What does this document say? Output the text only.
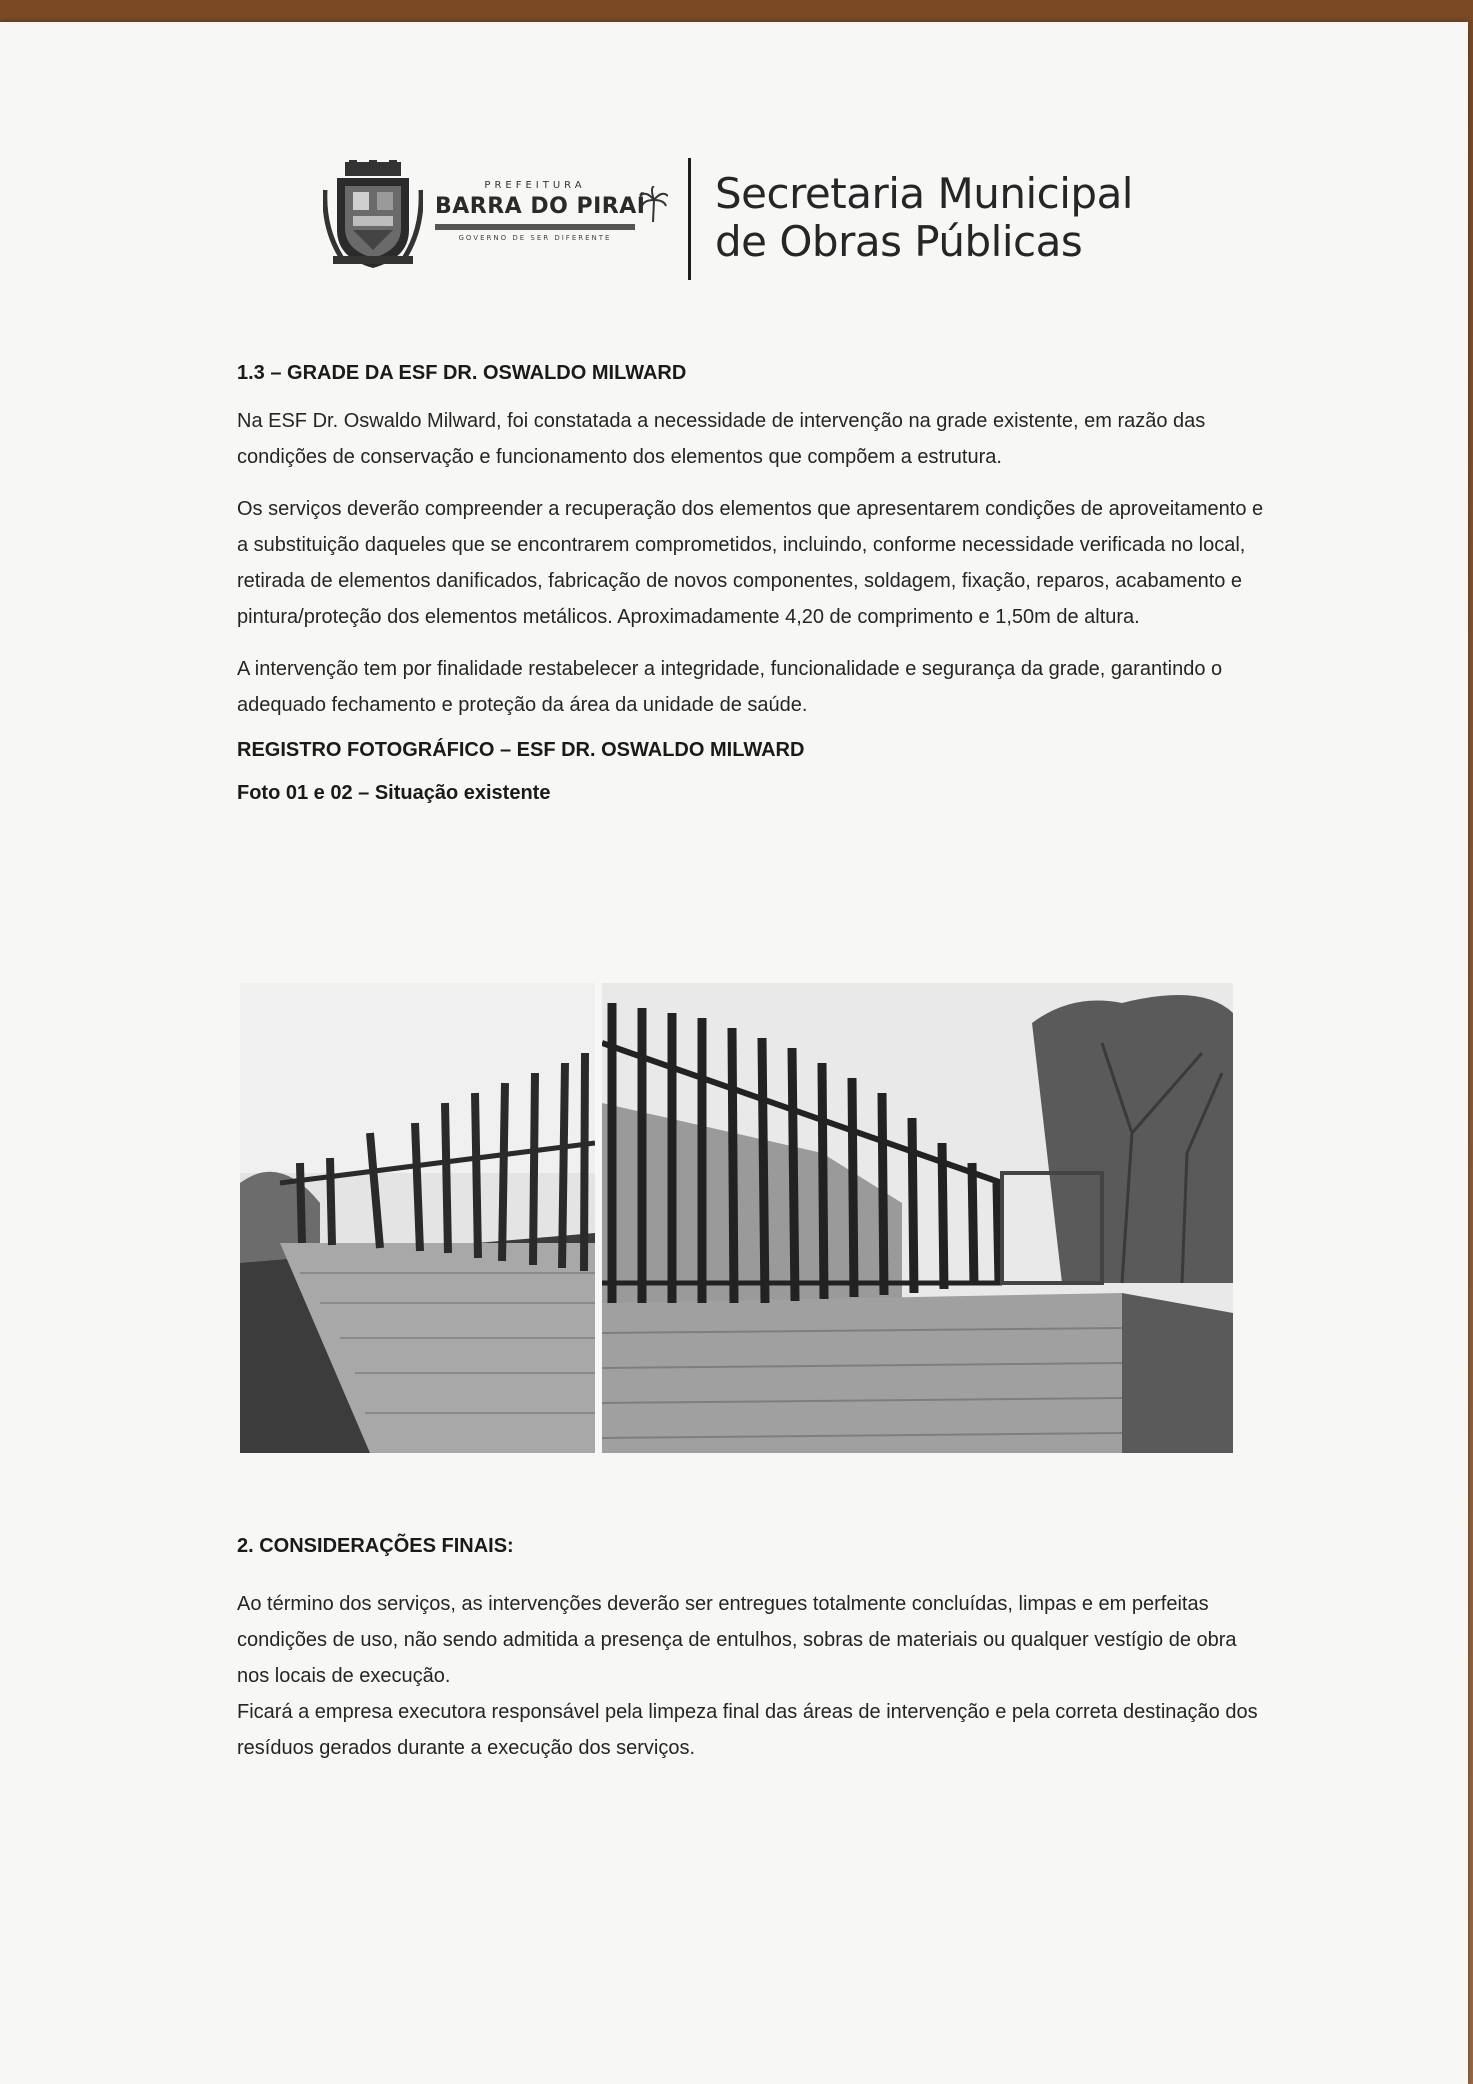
PREFEITURA
BARRA DO PIRAÍ
GOVERNO DE SER DIFERENTE
Secretaria Municipal
de Obras Públicas

1.3 – GRADE DA ESF DR. OSWALDO MILWARD

Na ESF Dr. Oswaldo Milward, foi constatada a necessidade de intervenção na grade existente, em razão das condições de conservação e funcionamento dos elementos que compõem a estrutura.

Os serviços deverão compreender a recuperação dos elementos que apresentarem condições de aproveitamento e a substituição daqueles que se encontrarem comprometidos, incluindo, conforme necessidade verificada no local, retirada de elementos danificados, fabricação de novos componentes, soldagem, fixação, reparos, acabamento e pintura/proteção dos elementos metálicos. Aproximadamente 4,20 de comprimento e 1,50m de altura.

A intervenção tem por finalidade restabelecer a integridade, funcionalidade e segurança da grade, garantindo o adequado fechamento e proteção da área da unidade de saúde.

REGISTRO FOTOGRÁFICO – ESF DR. OSWALDO MILWARD

Foto 01 e 02 – Situação existente

2. CONSIDERAÇÕES FINAIS:

Ao término dos serviços, as intervenções deverão ser entregues totalmente concluídas, limpas e em perfeitas condições de uso, não sendo admitida a presença de entulhos, sobras de materiais ou qualquer vestígio de obra nos locais de execução.

Ficará a empresa executora responsável pela limpeza final das áreas de intervenção e pela correta destinação dos resíduos gerados durante a execução dos serviços.
